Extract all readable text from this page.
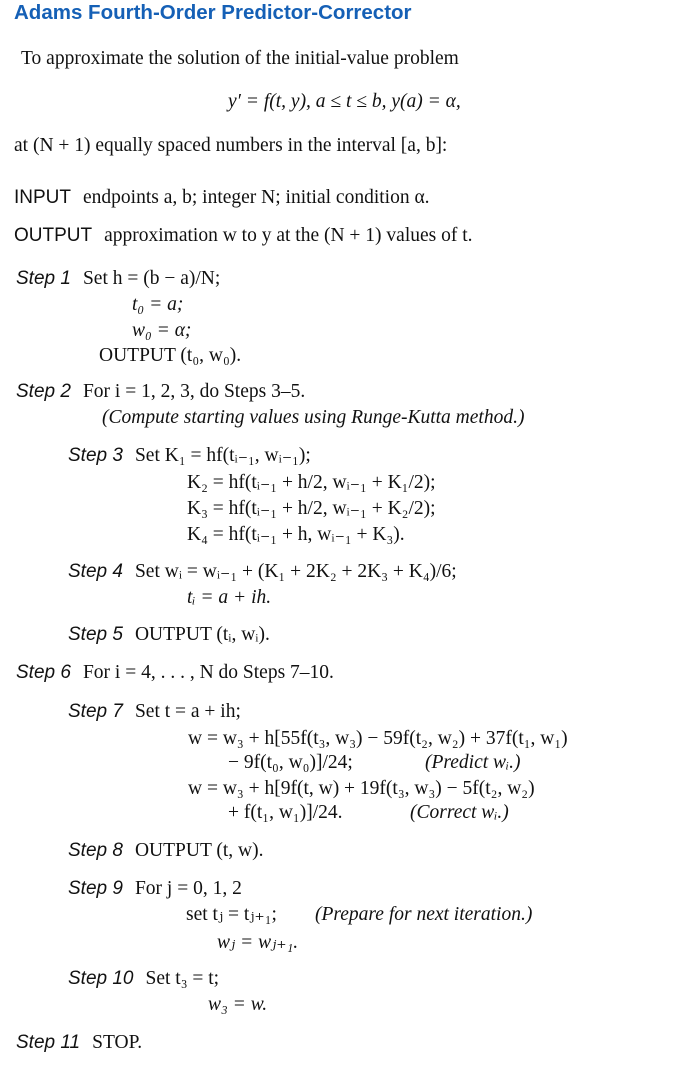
Adams Fourth-Order Predictor-Corrector
To approximate the solution of the initial-value problem
y′ = f(t, y), a ≤ t ≤ b, y(a) = α,
at (N + 1) equally spaced numbers in the interval [a, b]:
INPUT endpoints a, b; integer N; initial condition α.
OUTPUT approximation w to y at the (N + 1) values of t.
Step 1 Set h = (b − a)/N;
t₀ = a;
w₀ = α;
OUTPUT (t₀, w₀).
Step 2 For i = 1, 2, 3, do Steps 3–5.
(Compute starting values using Runge-Kutta method.)
Step 3 Set K₁ = hf(tᵢ₋₁, wᵢ₋₁);
K₂ = hf(tᵢ₋₁ + h/2, wᵢ₋₁ + K₁/2);
K₃ = hf(tᵢ₋₁ + h/2, wᵢ₋₁ + K₂/2);
K₄ = hf(tᵢ₋₁ + h, wᵢ₋₁ + K₃).
Step 4 Set wᵢ = wᵢ₋₁ + (K₁ + 2K₂ + 2K₃ + K₄)/6;
tᵢ = a + ih.
Step 5 OUTPUT (tᵢ, wᵢ).
Step 6 For i = 4, . . . , N do Steps 7–10.
Step 7 Set t = a + ih;
w = w₃ + h[55f(t₃, w₃) − 59f(t₂, w₂) + 37f(t₁, w₁)
− 9f(t₀, w₀)]/24;	(Predict wᵢ.)
w = w₃ + h[9f(t, w) + 19f(t₃, w₃) − 5f(t₂, w₂)
+ f(t₁, w₁)]/24.	(Correct wᵢ.)
Step 8 OUTPUT (t, w).
Step 9 For j = 0, 1, 2
set tⱼ = tⱼ₊₁; (Prepare for next iteration.)
wⱼ = wⱼ₊₁.
Step 10 Set t₃ = t;
w₃ = w.
Step 11 STOP.
